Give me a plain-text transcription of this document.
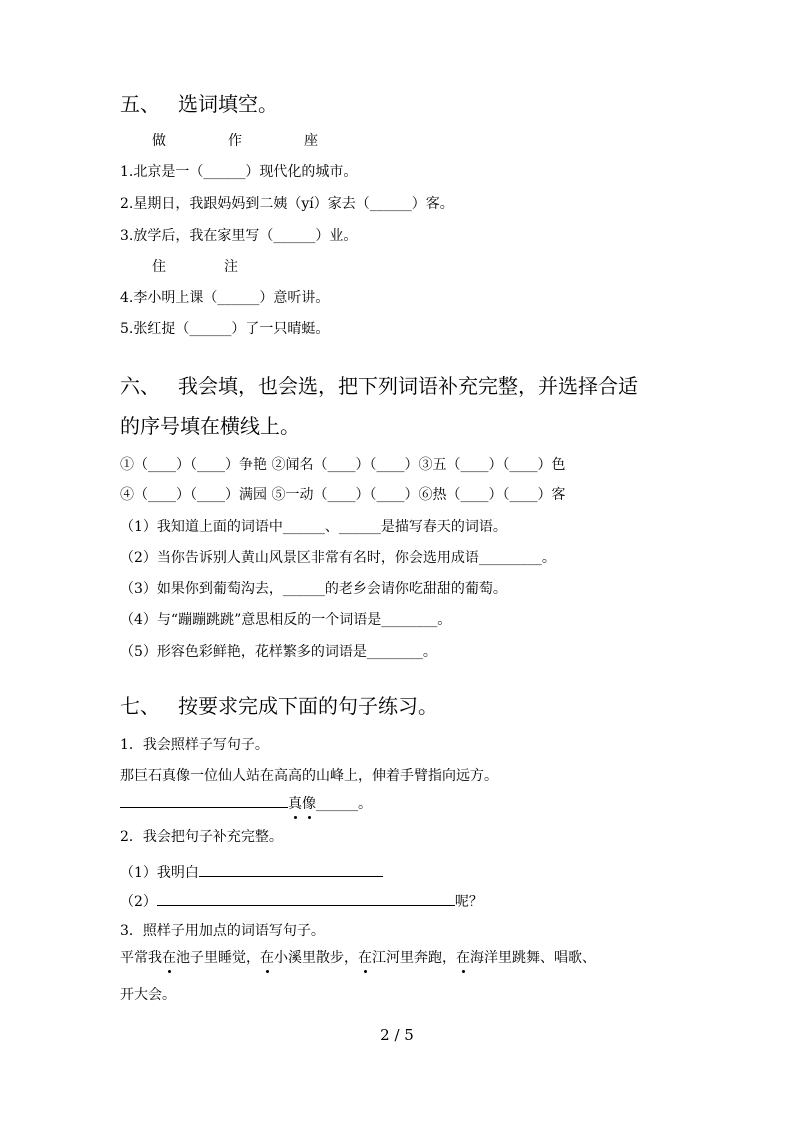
五、 选词填空。
做	作	座
1.北京是一（______）现代化的城市。
2.星期日，我跟妈妈到二姨（yí）家去（______）客。
3.放学后，我在家里写（______）业。
住	注
4.李小明上课（______）意听讲。
5.张红捉（______）了一只晴蜓。
六、 我会填，也会选，把下列词语补充完整，并选择合适
的序号填在横线上。
①（____）（____）争艳 ②闻名（____）（____）③五（____）（____）色
④（____）（____）满园 ⑤一动（____）（____）⑥热（____）（____）客
（1）我知道上面的词语中______、______是描写春天的词语。
（2）当你告诉别人黄山风景区非常有名时，你会选用成语_________。
（3）如果你到葡萄沟去，______的老乡会请你吃甜甜的葡萄。
（4）与“蹦蹦跳跳”意思相反的一个词语是________。
（5）形容色彩鲜艳，花样繁多的词语是________。
七、 按要求完成下面的句子练习。
1．我会照样子写句子。
那巨石真像一位仙人站在高高的山峰上，伸着手臂指向远方。
真像______。
2．我会把句子补充完整。
（1）我明白
（2）	呢？
3．照样子用加点的词语写句子。
平常我在池子里睡觉，在小溪里散步，在江河里奔跑，在海洋里跳舞、唱歌、
开大会。
2 / 5
